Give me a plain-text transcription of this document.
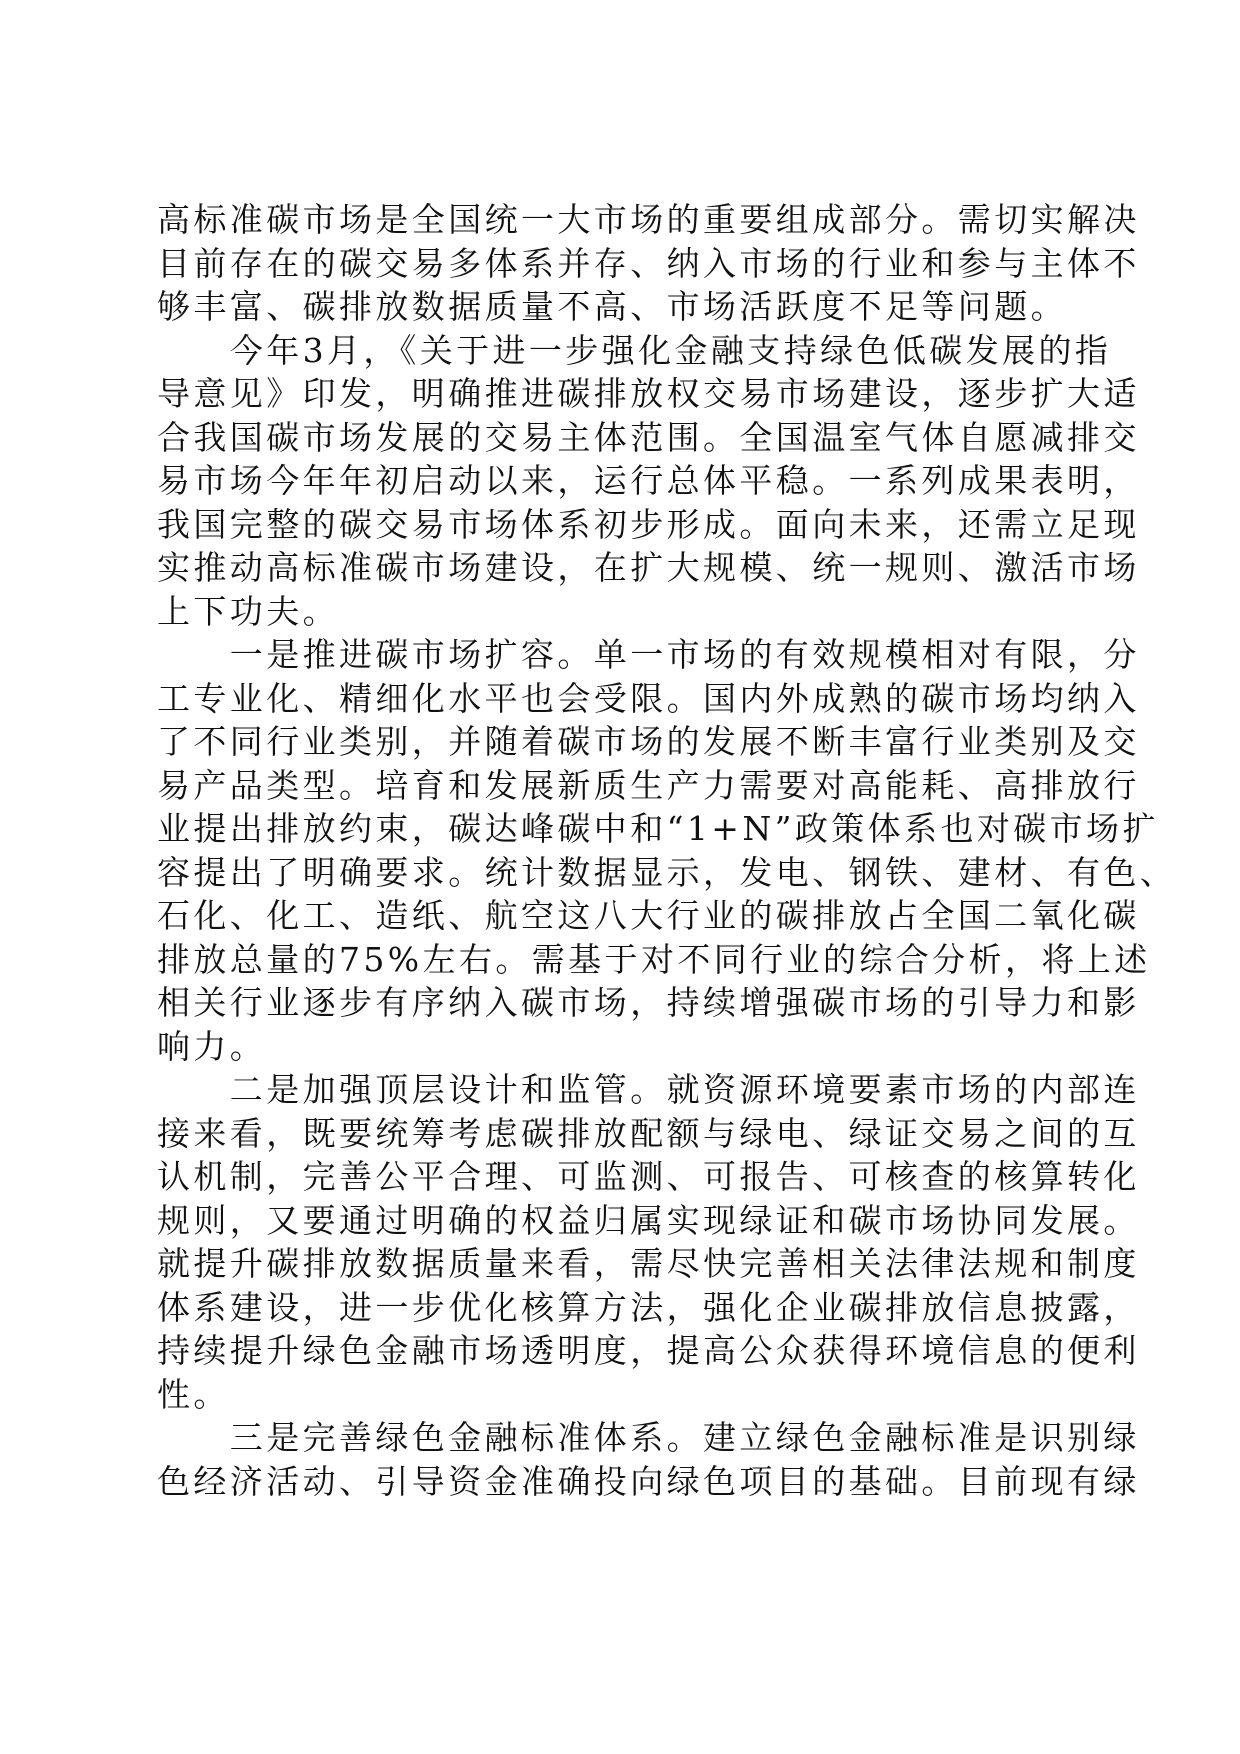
高标准碳市场是全国统一大市场的重要组成部分。需切实解决
目前存在的碳交易多体系并存、纳入市场的行业和参与主体不
够丰富、碳排放数据质量不高、市场活跃度不足等问题。
　　今年3月，《关于进一步强化金融支持绿色低碳发展的指
导意见》印发，明确推进碳排放权交易市场建设，逐步扩大适
合我国碳市场发展的交易主体范围。全国温室气体自愿减排交
易市场今年年初启动以来，运行总体平稳。一系列成果表明，
我国完整的碳交易市场体系初步形成。面向未来，还需立足现
实推动高标准碳市场建设，在扩大规模、统一规则、激活市场
上下功夫。
　　一是推进碳市场扩容。单一市场的有效规模相对有限，分
工专业化、精细化水平也会受限。国内外成熟的碳市场均纳入
了不同行业类别，并随着碳市场的发展不断丰富行业类别及交
易产品类型。培育和发展新质生产力需要对高能耗、高排放行
业提出排放约束，碳达峰碳中和“1+N”政策体系也对碳市场扩
容提出了明确要求。统计数据显示，发电、钢铁、建材、有色、
石化、化工、造纸、航空这八大行业的碳排放占全国二氧化碳
排放总量的75%左右。需基于对不同行业的综合分析，将上述
相关行业逐步有序纳入碳市场，持续增强碳市场的引导力和影
响力。
　　二是加强顶层设计和监管。就资源环境要素市场的内部连
接来看，既要统筹考虑碳排放配额与绿电、绿证交易之间的互
认机制，完善公平合理、可监测、可报告、可核查的核算转化
规则，又要通过明确的权益归属实现绿证和碳市场协同发展。
就提升碳排放数据质量来看，需尽快完善相关法律法规和制度
体系建设，进一步优化核算方法，强化企业碳排放信息披露，
持续提升绿色金融市场透明度，提高公众获得环境信息的便利
性。
　　三是完善绿色金融标准体系。建立绿色金融标准是识别绿
色经济活动、引导资金准确投向绿色项目的基础。目前现有绿
